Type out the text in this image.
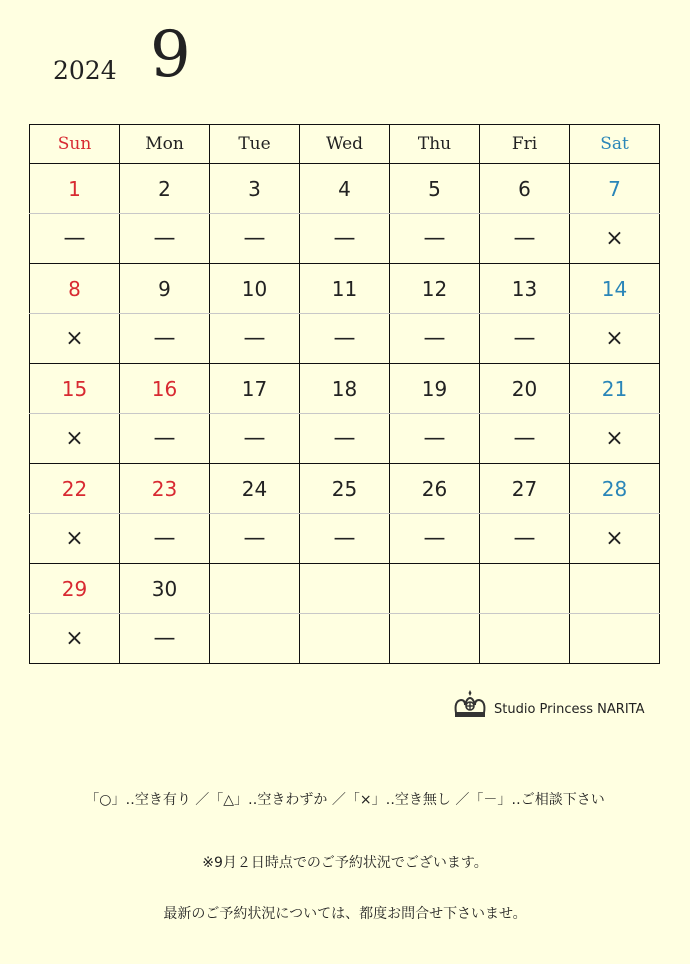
2024 9
Sun	Mon	Tue	Wed	Thu	Fri	Sat
1	2	3	4	5	6	7
—	—	—	—	—	—	×
8	9	10	11	12	13	14
×	—	—	—	—	—	×
15	16	17	18	19	20	21
×	—	—	—	—	—	×
22	23	24	25	26	27	28
×	—	—	—	—	—	×
29	30					
×	—					
Studio Princess NARITA
「○」‥空き有り ／「△」‥空きわずか ／「×」‥空き無し ／「－」‥ご相談下さい
※9月２日時点でのご予約状況でございます。
最新のご予約状況については、都度お問合せ下さいませ。
